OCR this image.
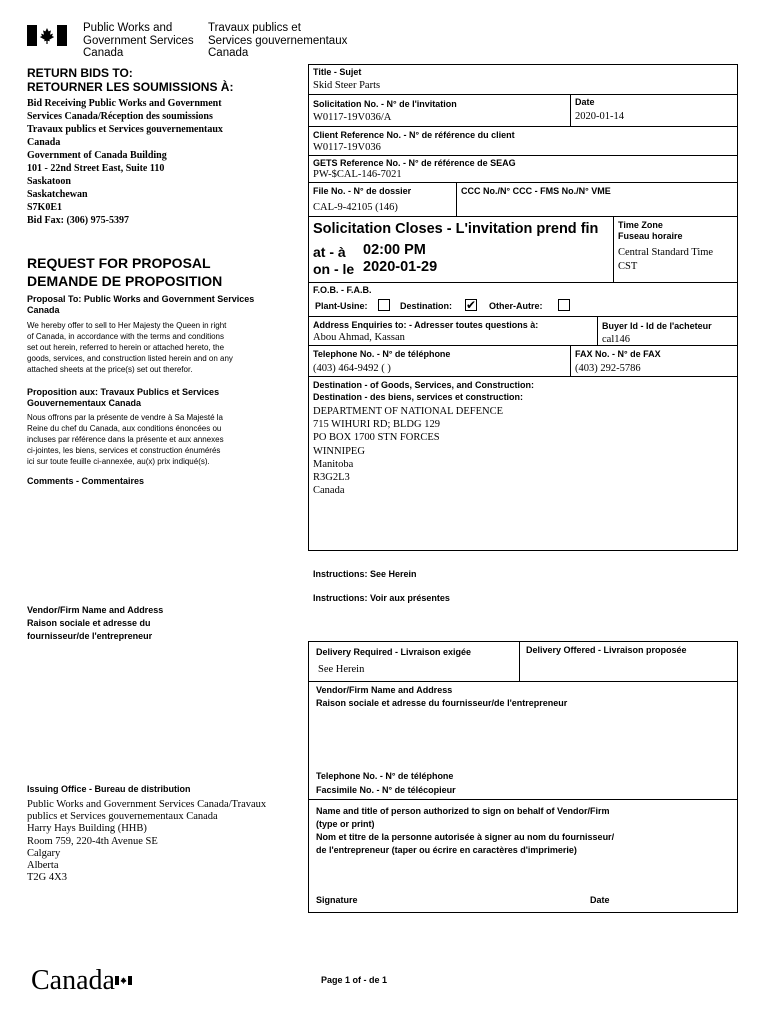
Public Works and
Government Services
Canada
Travaux publics et
Services gouvernementaux
Canada
RETURN BIDS TO:
RETOURNER LES SOUMISSIONS À:
Bid Receiving Public Works and Government
Services Canada/Réception des soumissions
Travaux publics et Services gouvernementaux
Canada
Government of Canada Building
101 - 22nd Street East, Suite 110
Saskatoon
Saskatchewan
S7K0E1
Bid Fax: (306) 975-5397
REQUEST FOR PROPOSAL
DEMANDE DE PROPOSITION
Proposal To: Public Works and Government Services Canada
We hereby offer to sell to Her Majesty the Queen in right
of Canada, in accordance with the terms and conditions
set out herein, referred to herein or attached hereto, the
goods, services, and construction listed herein and on any
attached sheets at the price(s) set out therefor.
Proposition aux: Travaux Publics et Services Gouvernementaux Canada
Nous offrons par la présente de vendre à Sa Majesté la
Reine du chef du Canada, aux conditions énoncées ou
incluses par référence dans la présente et aux annexes
ci-jointes, les biens, services et construction énumérés
ici sur toute feuille ci-annexée, au(x) prix indiqué(s).
Comments - Commentaires
Vendor/Firm Name and Address
Raison sociale et adresse du
fournisseur/de l'entrepreneur
Issuing Office - Bureau de distribution
Public Works and Government Services Canada/Travaux
publics et Services gouvernementaux Canada
Harry Hays Building (HHB)
Room 759, 220-4th Avenue SE
Calgary
Alberta
T2G 4X3
Title - Sujet
Skid Steer Parts
Solicitation No. - N° de l'invitation
W0117-19V036/A
Date
2020-01-14
Client Reference No. - N° de référence du client
W0117-19V036
GETS Reference No. - N° de référence de SEAG
PW-$CAL-146-7021
File No. - N° de dossier
CAL-9-42105 (146)
CCC No./N° CCC - FMS No./N° VME
Solicitation Closes - L'invitation prend fin
at - à 02:00 PM
on - le 2020-01-29
Time Zone
Fuseau horaire
Central Standard Time
CST
F.O.B. - F.A.B.
Plant-Usine:	Destination: ✔ Other-Autre:
Address Enquiries to: - Adresser toutes questions à:
Abou Ahmad, Kassan
Buyer Id - Id de l'acheteur
cal146
Telephone No. - N° de téléphone
(403) 464-9492 ( )
FAX No. - N° de FAX
(403) 292-5786
Destination - of Goods, Services, and Construction:
Destination - des biens, services et construction:
DEPARTMENT OF NATIONAL DEFENCE
715 WIHURI RD; BLDG 129
PO BOX 1700 STN FORCES
WINNIPEG
Manitoba
R3G2L3
Canada
Instructions: See Herein
Instructions: Voir aux présentes
Delivery Required - Livraison exigée
See Herein
Delivery Offered - Livraison proposée
Vendor/Firm Name and Address
Raison sociale et adresse du fournisseur/de l'entrepreneur
Telephone No. - N° de téléphone
Facsimile No. - N° de télécopieur
Name and title of person authorized to sign on behalf of Vendor/Firm
(type or print)
Nom et titre de la personne autorisée à signer au nom du fournisseur/
de l'entrepreneur (taper ou écrire en caractères d'imprimerie)
Signature	Date
Canada	Page 1 of - de 1
